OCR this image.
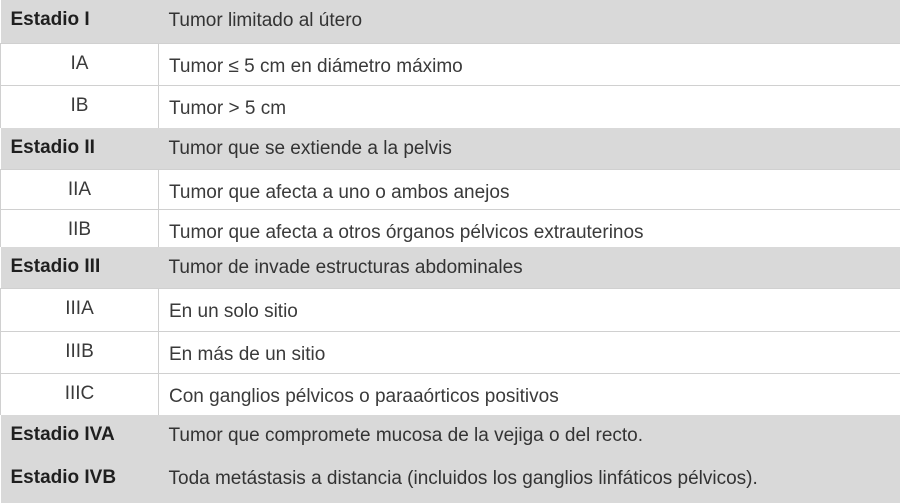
Estadio I	Tumor limitado al útero
IA	Tumor ≤ 5 cm en diámetro máximo
IB	Tumor > 5 cm
Estadio II	Tumor que se extiende a la pelvis
IIA	Tumor que afecta a uno o ambos anejos
IIB	Tumor que afecta a otros órganos pélvicos extrauterinos
Estadio III	Tumor de invade estructuras abdominales
IIIA	En un solo sitio
IIIB	En más de un sitio
IIIC	Con ganglios pélvicos o paraaórticos positivos
Estadio IVA	Tumor que compromete mucosa de la vejiga o del recto.
Estadio IVB	Toda metástasis a distancia (incluidos los ganglios linfáticos pélvicos).
